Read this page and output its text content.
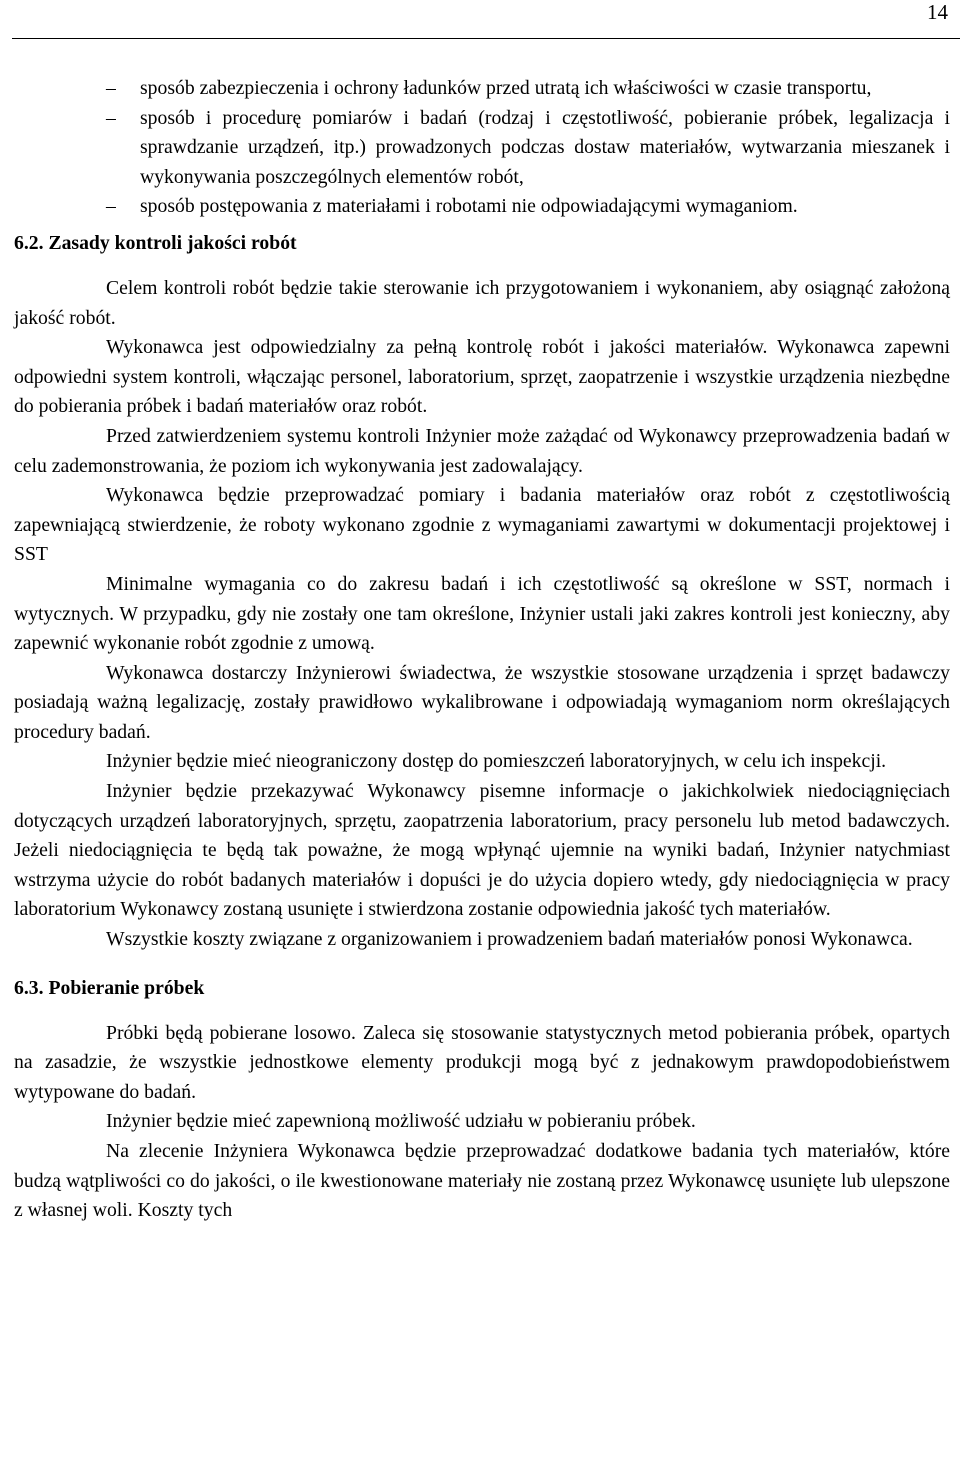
14
– sposób zabezpieczenia i ochrony ładunków przed utratą ich właściwości w czasie transportu,
– sposób i procedurę pomiarów i badań (rodzaj i częstotliwość, pobieranie próbek, legalizacja i sprawdzanie urządzeń, itp.) prowadzonych podczas dostaw materiałów, wytwarzania mieszanek i wykonywania poszczególnych elementów robót,
– sposób postępowania z materiałami i robotami nie odpowiadającymi wymaganiom.
6.2. Zasady kontroli jakości robót

Celem kontroli robót będzie takie sterowanie ich przygotowaniem i wykonaniem, aby osiągnąć założoną jakość robót.

Wykonawca jest odpowiedzialny za pełną kontrolę robót i jakości materiałów. Wykonawca zapewni odpowiedni system kontroli, włączając personel, laboratorium, sprzęt, zaopatrzenie i wszystkie urządzenia niezbędne do pobierania próbek i badań materiałów oraz robót.

Przed zatwierdzeniem systemu kontroli Inżynier może zażądać od Wykonawcy przeprowadzenia badań w celu zademonstrowania, że poziom ich wykonywania jest zadowalający.

Wykonawca będzie przeprowadzać pomiary i badania materiałów oraz robót z częstotliwością zapewniającą stwierdzenie, że roboty wykonano zgodnie z wymaganiami zawartymi w dokumentacji projektowej i SST

Minimalne wymagania co do zakresu badań i ich częstotliwość są określone w SST, normach i wytycznych. W przypadku, gdy nie zostały one tam określone, Inżynier ustali jaki zakres kontroli jest konieczny, aby zapewnić wykonanie robót zgodnie z umową.

Wykonawca dostarczy Inżynierowi świadectwa, że wszystkie stosowane urządzenia i sprzęt badawczy posiadają ważną legalizację, zostały prawidłowo wykalibrowane i odpowiadają wymaganiom norm określających procedury badań.

Inżynier będzie mieć nieograniczony dostęp do pomieszczeń laboratoryjnych, w celu ich inspekcji.

Inżynier będzie przekazywać Wykonawcy pisemne informacje o jakichkolwiek niedociągnięciach dotyczących urządzeń laboratoryjnych, sprzętu, zaopatrzenia laboratorium, pracy personelu lub metod badawczych. Jeżeli niedociągnięcia te będą tak poważne, że mogą wpłynąć ujemnie na wyniki badań, Inżynier natychmiast wstrzyma użycie do robót badanych materiałów i dopuści je do użycia dopiero wtedy, gdy niedociągnięcia w pracy laboratorium Wykonawcy zostaną usunięte i stwierdzona zostanie odpowiednia jakość tych materiałów.

Wszystkie koszty związane z organizowaniem i prowadzeniem badań materiałów ponosi Wykonawca.

6.3. Pobieranie próbek

Próbki będą pobierane losowo. Zaleca się stosowanie statystycznych metod pobierania próbek, opartych na zasadzie, że wszystkie jednostkowe elementy produkcji mogą być z jednakowym prawdopodobieństwem wytypowane do badań.

Inżynier będzie mieć zapewnioną możliwość udziału w pobieraniu próbek.

Na zlecenie Inżyniera Wykonawca będzie przeprowadzać dodatkowe badania tych materiałów, które budzą wątpliwości co do jakości, o ile kwestionowane materiały nie zostaną przez Wykonawcę usunięte lub ulepszone z własnej woli. Koszty tych
